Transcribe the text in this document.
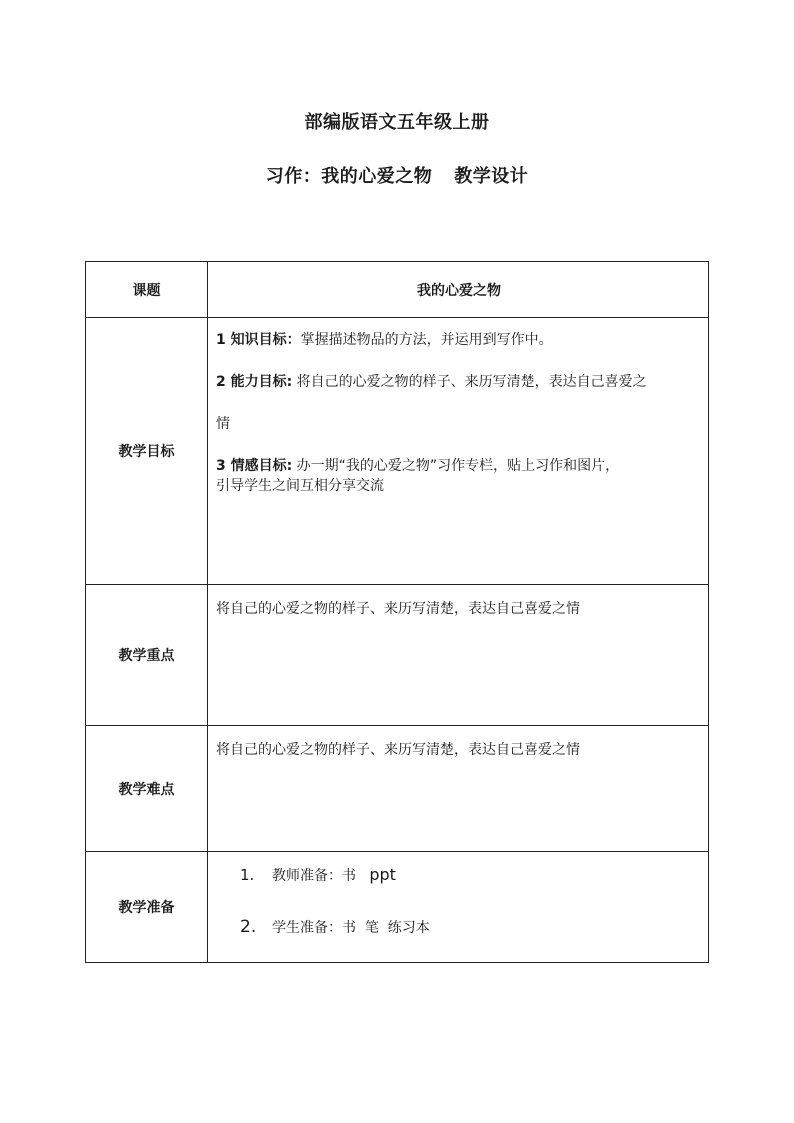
部编版语文五年级上册
习作：我的心爱之物 教学设计
课题	我的心爱之物
教学目标	1 知识目标：掌握描述物品的方法，并运用到写作中。
2 能力目标: 将自己的心爱之物的样子、来历写清楚，表达自己喜爱之
情
3 情感目标: 办一期“我的心爱之物”习作专栏，贴上习作和图片，
引导学生之间互相分享交流

教学重点	将自己的心爱之物的样子、来历写清楚，表达自己喜爱之情

教学难点	将自己的心爱之物的样子、来历写清楚，表达自己喜爱之情

教学准备	1. 教师准备：书 ppt
2. 学生准备：书  笔  练习本
